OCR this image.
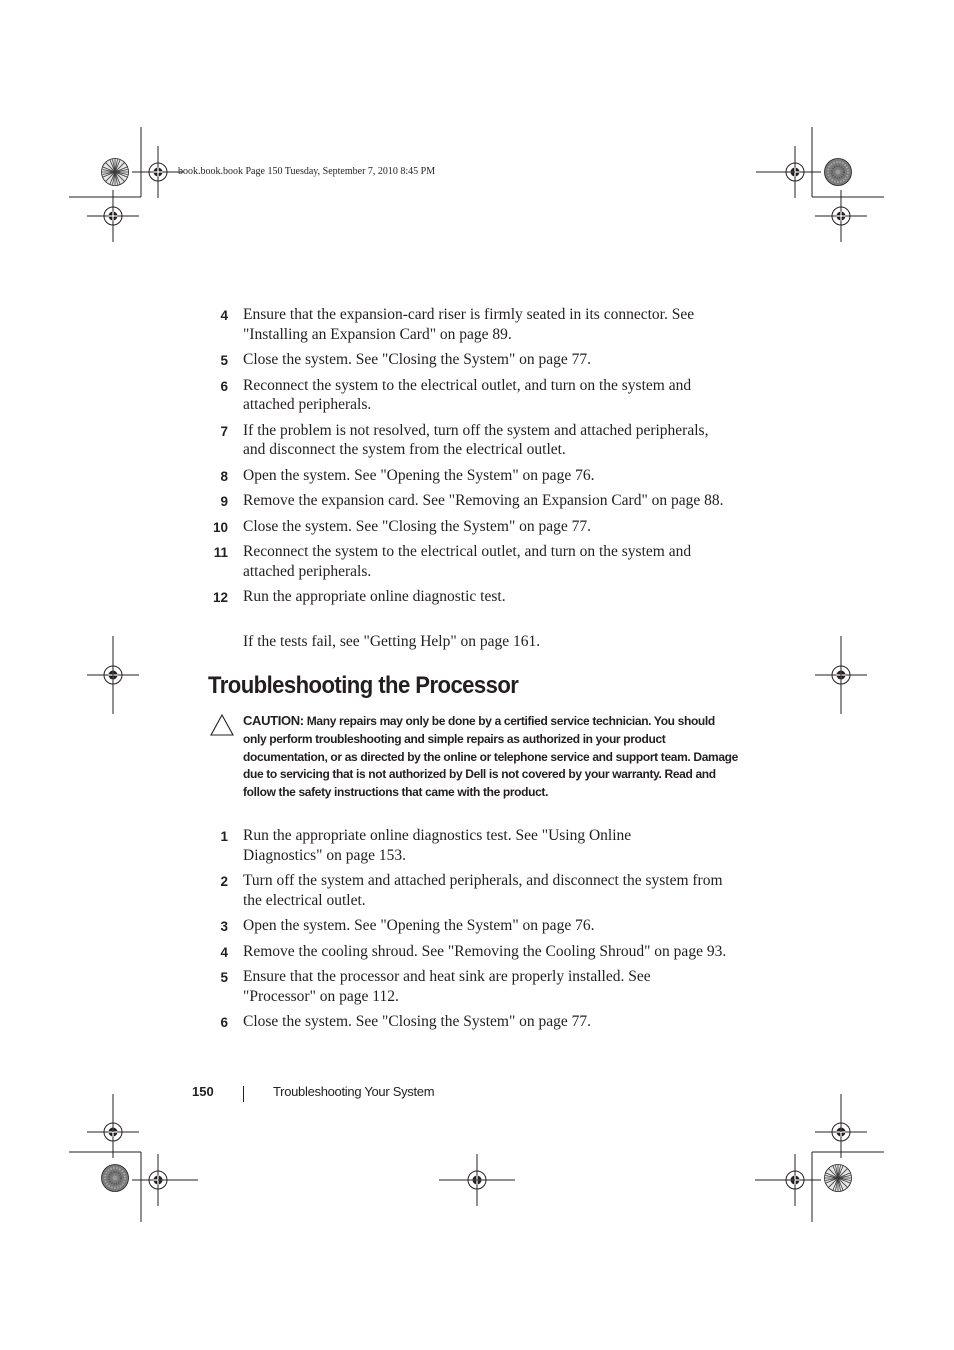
book.book.book Page 150 Tuesday, September 7, 2010 8:45 PM
4 Ensure that the expansion-card riser is firmly seated in its connector. See "Installing an Expansion Card" on page 89.
5 Close the system. See "Closing the System" on page 77.
6 Reconnect the system to the electrical outlet, and turn on the system and attached peripherals.
7 If the problem is not resolved, turn off the system and attached peripherals, and disconnect the system from the electrical outlet.
8 Open the system. See "Opening the System" on page 76.
9 Remove the expansion card. See "Removing an Expansion Card" on page 88.
10 Close the system. See "Closing the System" on page 77.
11 Reconnect the system to the electrical outlet, and turn on the system and attached peripherals.
12 Run the appropriate online diagnostic test.
If the tests fail, see "Getting Help" on page 161.
Troubleshooting the Processor
CAUTION: Many repairs may only be done by a certified service technician. You should only perform troubleshooting and simple repairs as authorized in your product documentation, or as directed by the online or telephone service and support team. Damage due to servicing that is not authorized by Dell is not covered by your warranty. Read and follow the safety instructions that came with the product.
1 Run the appropriate online diagnostics test. See "Using Online Diagnostics" on page 153.
2 Turn off the system and attached peripherals, and disconnect the system from the electrical outlet.
3 Open the system. See "Opening the System" on page 76.
4 Remove the cooling shroud. See "Removing the Cooling Shroud" on page 93.
5 Ensure that the processor and heat sink are properly installed. See "Processor" on page 112.
6 Close the system. See "Closing the System" on page 77.
150	Troubleshooting Your System
